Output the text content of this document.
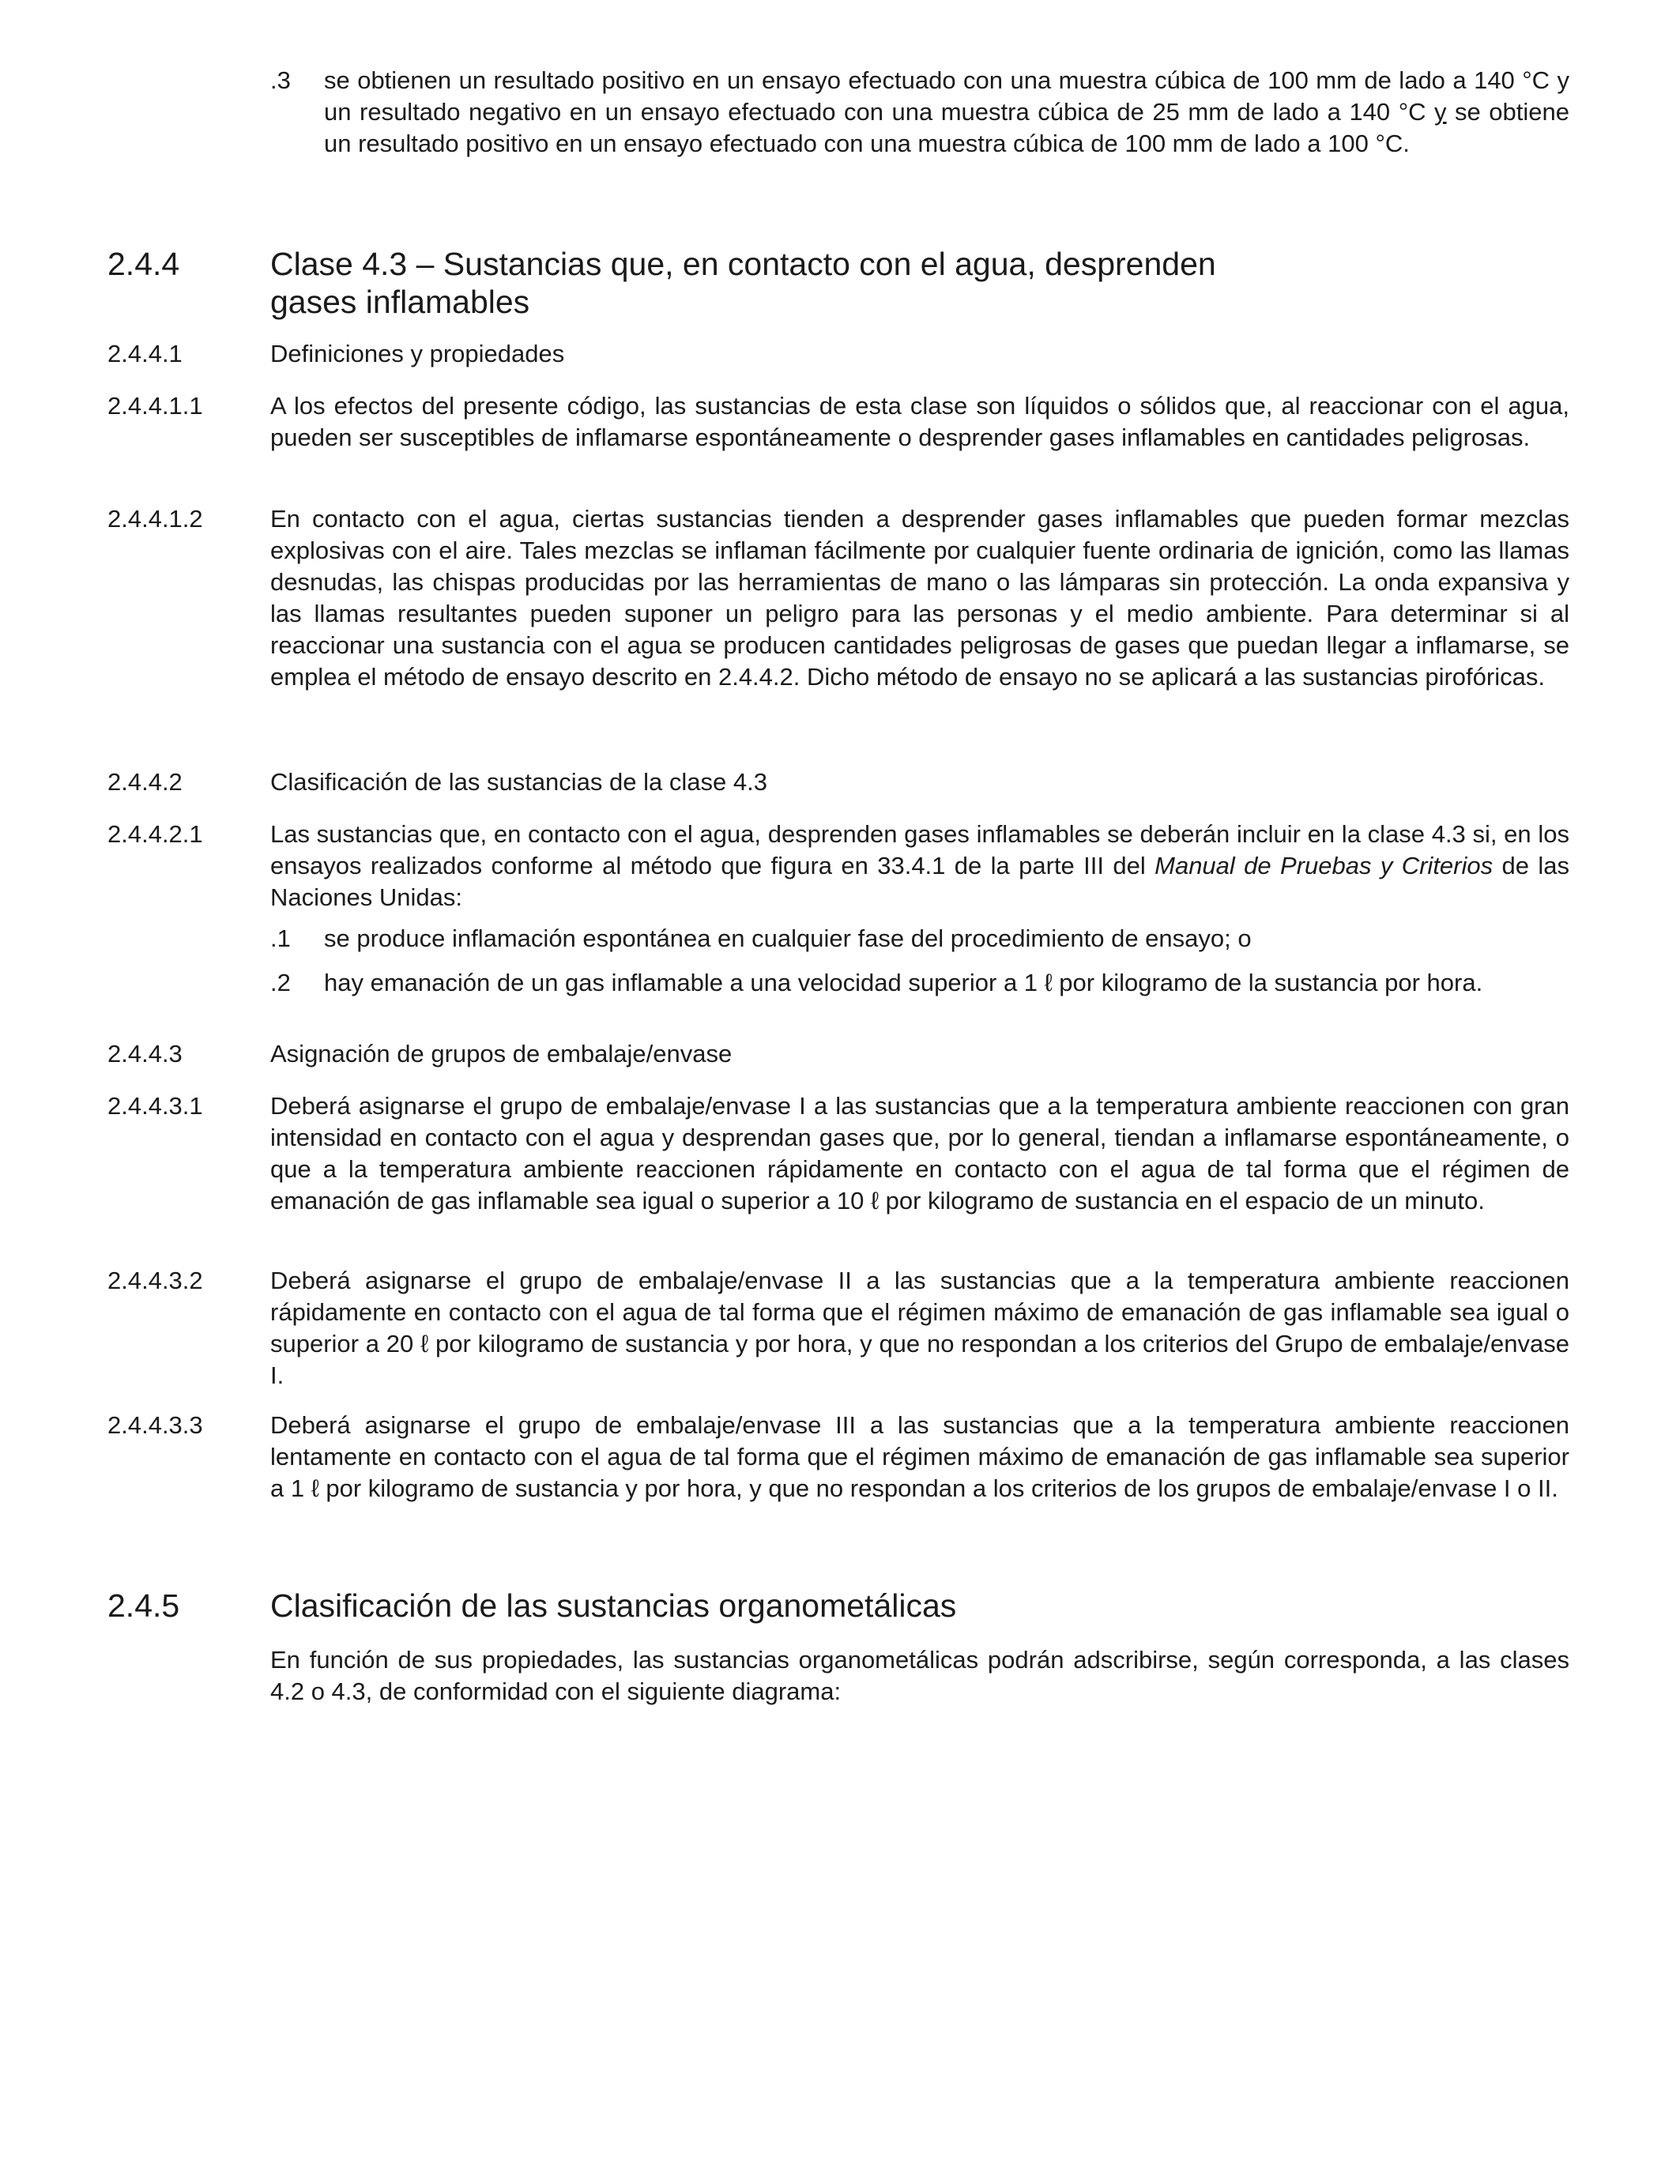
.3 se obtienen un resultado positivo en un ensayo efectuado con una muestra cúbica de 100 mm de lado a 140 °C y un resultado negativo en un ensayo efectuado con una muestra cúbica de 25 mm de lado a 140 °C y se obtiene un resultado positivo en un ensayo efectuado con una muestra cúbica de 100 mm de lado a 100 °C.
2.4.4	Clase 4.3 – Sustancias que, en contacto con el agua, desprenden gases inflamables
2.4.4.1	Definiciones y propiedades
2.4.4.1.1	A los efectos del presente código, las sustancias de esta clase son líquidos o sólidos que, al reaccionar con el agua, pueden ser susceptibles de inflamarse espontáneamente o desprender gases inflamables en cantidades peligrosas.
2.4.4.1.2	En contacto con el agua, ciertas sustancias tienden a desprender gases inflamables que pueden formar mezclas explosivas con el aire. Tales mezclas se inflaman fácilmente por cualquier fuente ordinaria de ignición, como las llamas desnudas, las chispas producidas por las herramientas de mano o las lámparas sin protección. La onda expansiva y las llamas resultantes pueden suponer un peligro para las personas y el medio ambiente. Para determinar si al reaccionar una sustancia con el agua se producen cantidades peligrosas de gases que puedan llegar a inflamarse, se emplea el método de ensayo descrito en 2.4.4.2. Dicho método de ensayo no se aplicará a las sustancias pirofóricas.
2.4.4.2	Clasificación de las sustancias de la clase 4.3
2.4.4.2.1	Las sustancias que, en contacto con el agua, desprenden gases inflamables se deberán incluir en la clase 4.3 si, en los ensayos realizados conforme al método que figura en 33.4.1 de la parte III del Manual de Pruebas y Criterios de las Naciones Unidas:
.1 se produce inflamación espontánea en cualquier fase del procedimiento de ensayo; o
.2 hay emanación de un gas inflamable a una velocidad superior a 1 ℓ por kilogramo de la sustancia por hora.
2.4.4.3	Asignación de grupos de embalaje/envase
2.4.4.3.1	Deberá asignarse el grupo de embalaje/envase I a las sustancias que a la temperatura ambiente reaccionen con gran intensidad en contacto con el agua y desprendan gases que, por lo general, tiendan a inflamarse espontáneamente, o que a la temperatura ambiente reaccionen rápidamente en contacto con el agua de tal forma que el régimen de emanación de gas inflamable sea igual o superior a 10 ℓ por kilogramo de sustancia en el espacio de un minuto.
2.4.4.3.2	Deberá asignarse el grupo de embalaje/envase II a las sustancias que a la temperatura ambiente reaccionen rápidamente en contacto con el agua de tal forma que el régimen máximo de emanación de gas inflamable sea igual o superior a 20 ℓ por kilogramo de sustancia y por hora, y que no respondan a los criterios del Grupo de embalaje/envase I.
2.4.4.3.3	Deberá asignarse el grupo de embalaje/envase III a las sustancias que a la temperatura ambiente reaccionen lentamente en contacto con el agua de tal forma que el régimen máximo de emanación de gas inflamable sea superior a 1 ℓ por kilogramo de sustancia y por hora, y que no respondan a los criterios de los grupos de embalaje/envase I o II.
2.4.5	Clasificación de las sustancias organometálicas
En función de sus propiedades, las sustancias organometálicas podrán adscribirse, según corresponda, a las clases 4.2 o 4.3, de conformidad con el siguiente diagrama:
